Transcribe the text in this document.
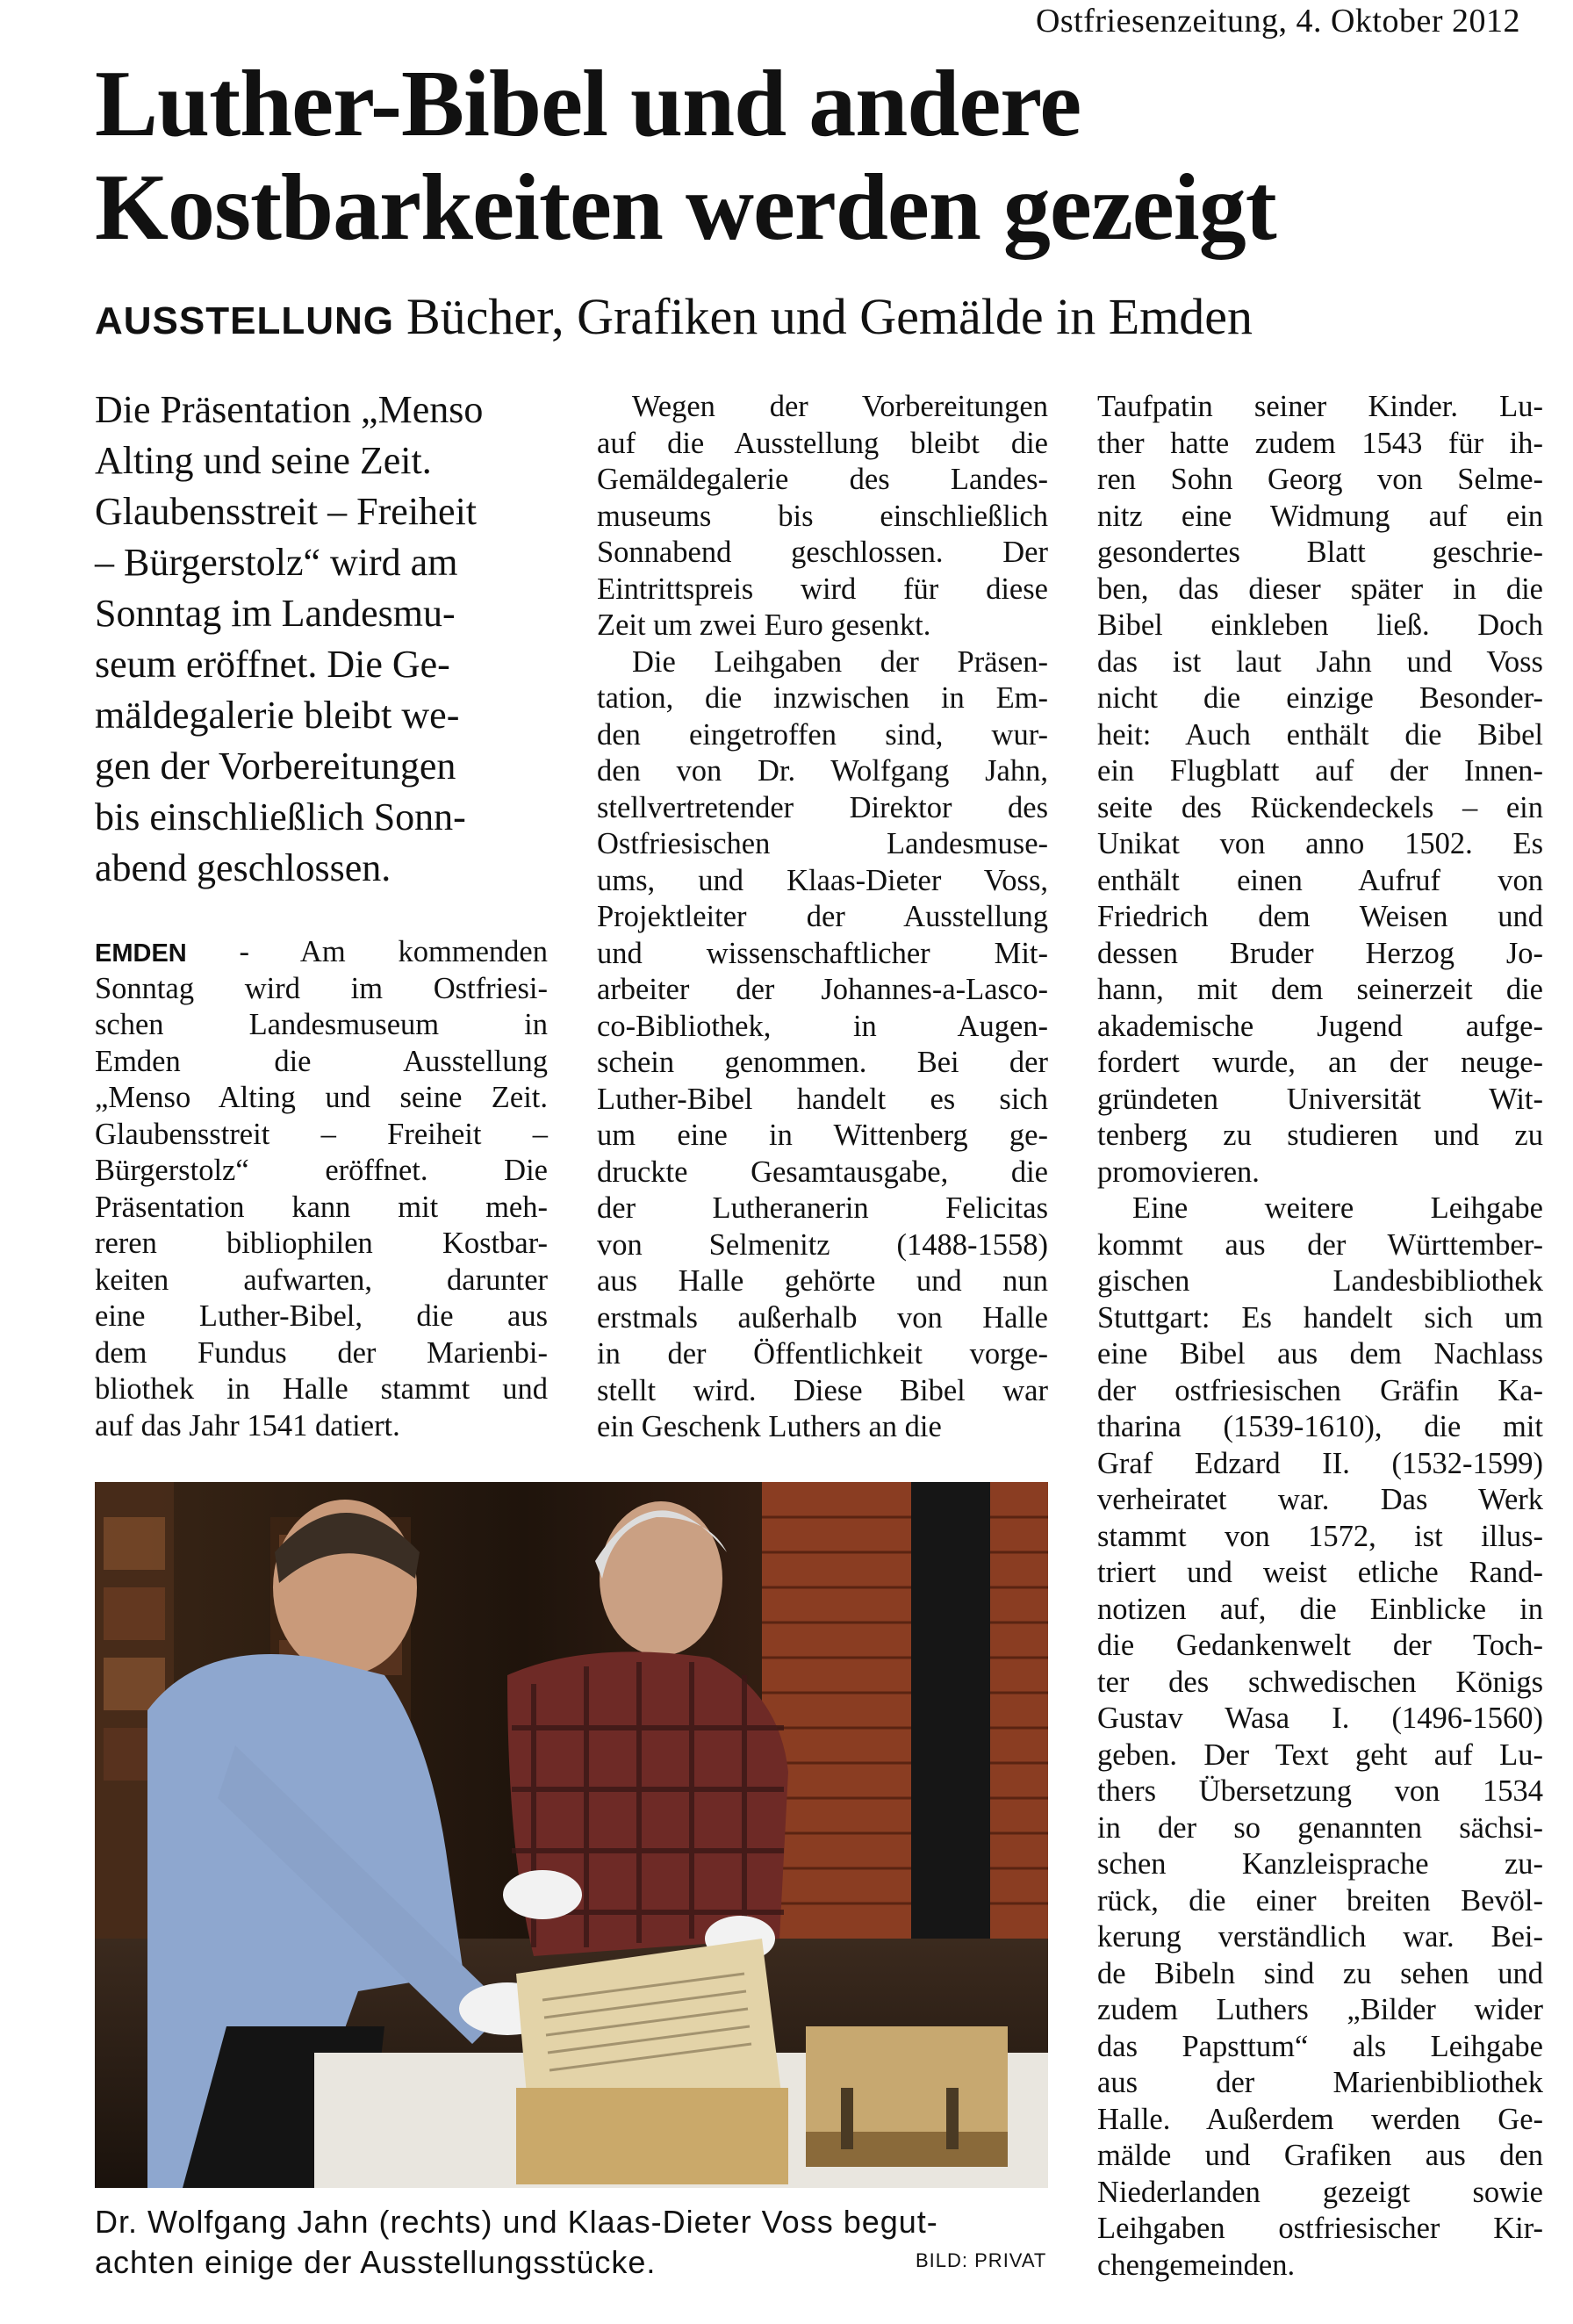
Ostfriesenzeitung, 4. Oktober 2012
Luther-Bibel und andere
Kostbarkeiten werden gezeigt
AUSSTELLUNG Bücher, Grafiken und Gemälde in Emden
Die Präsentation „Menso
Alting und seine Zeit.
Glaubensstreit – Freiheit
– Bürgerstolz“ wird am
Sonntag im Landesmu-
seum eröffnet. Die Ge-
mäldegalerie bleibt we-
gen der Vorbereitungen
bis einschließlich Sonn-
abend geschlossen.
EMDEN - Am kommenden
Sonntag wird im Ostfriesi-
schen Landesmuseum in
Emden die Ausstellung
„Menso Alting und seine Zeit.
Glaubensstreit – Freiheit –
Bürgerstolz“ eröffnet. Die
Präsentation kann mit meh-
reren bibliophilen Kostbar-
keiten aufwarten, darunter
eine Luther-Bibel, die aus
dem Fundus der Marienbi-
bliothek in Halle stammt und
auf das Jahr 1541 datiert.
Wegen der Vorbereitungen
auf die Ausstellung bleibt die
Gemäldegalerie des Landes-
museums bis einschließlich
Sonnabend geschlossen. Der
Eintrittspreis wird für diese
Zeit um zwei Euro gesenkt.
Die Leihgaben der Präsen-
tation, die inzwischen in Em-
den eingetroffen sind, wur-
den von Dr. Wolfgang Jahn,
stellvertretender Direktor des
Ostfriesischen Landesmuse-
ums, und Klaas-Dieter Voss,
Projektleiter der Ausstellung
und wissenschaftlicher Mit-
arbeiter der Johannes-a-Lasco-
co-Bibliothek, in Augen-
schein genommen. Bei der
Luther-Bibel handelt es sich
um eine in Wittenberg ge-
druckte Gesamtausgabe, die
der Lutheranerin Felicitas
von Selmenitz (1488-1558)
aus Halle gehörte und nun
erstmals außerhalb von Halle
in der Öffentlichkeit vorge-
stellt wird. Diese Bibel war
ein Geschenk Luthers an die
Taufpatin seiner Kinder. Lu-
ther hatte zudem 1543 für ih-
ren Sohn Georg von Selme-
nitz eine Widmung auf ein
gesondertes Blatt geschrie-
ben, das dieser später in die
Bibel einkleben ließ. Doch
das ist laut Jahn und Voss
nicht die einzige Besonder-
heit: Auch enthält die Bibel
ein Flugblatt auf der Innen-
seite des Rückendeckels – ein
Unikat von anno 1502. Es
enthält einen Aufruf von
Friedrich dem Weisen und
dessen Bruder Herzog Jo-
hann, mit dem seinerzeit die
akademische Jugend aufge-
fordert wurde, an der neuge-
gründeten Universität Wit-
tenberg zu studieren und zu
promovieren.
Eine weitere Leihgabe
kommt aus der Württember-
gischen Landesbibliothek
Stuttgart: Es handelt sich um
eine Bibel aus dem Nachlass
der ostfriesischen Gräfin Ka-
tharina (1539-1610), die mit
Graf Edzard II. (1532-1599)
verheiratet war. Das Werk
stammt von 1572, ist illus-
triert und weist etliche Rand-
notizen auf, die Einblicke in
die Gedankenwelt der Toch-
ter des schwedischen Königs
Gustav Wasa I. (1496-1560)
geben. Der Text geht auf Lu-
thers Übersetzung von 1534
in der so genannten sächsi-
schen Kanzleisprache zu-
rück, die einer breiten Bevöl-
kerung verständlich war. Bei-
de Bibeln sind zu sehen und
zudem Luthers „Bilder wider
das Papsttum“ als Leihgabe
aus der Marienbibliothek
Halle. Außerdem werden Ge-
mälde und Grafiken aus den
Niederlanden gezeigt sowie
Leihgaben ostfriesischer Kir-
chengemeinden.
Dr. Wolfgang Jahn (rechts) und Klaas-Dieter Voss begut-
achten einige der Ausstellungsstücke.	BILD: PRIVAT
